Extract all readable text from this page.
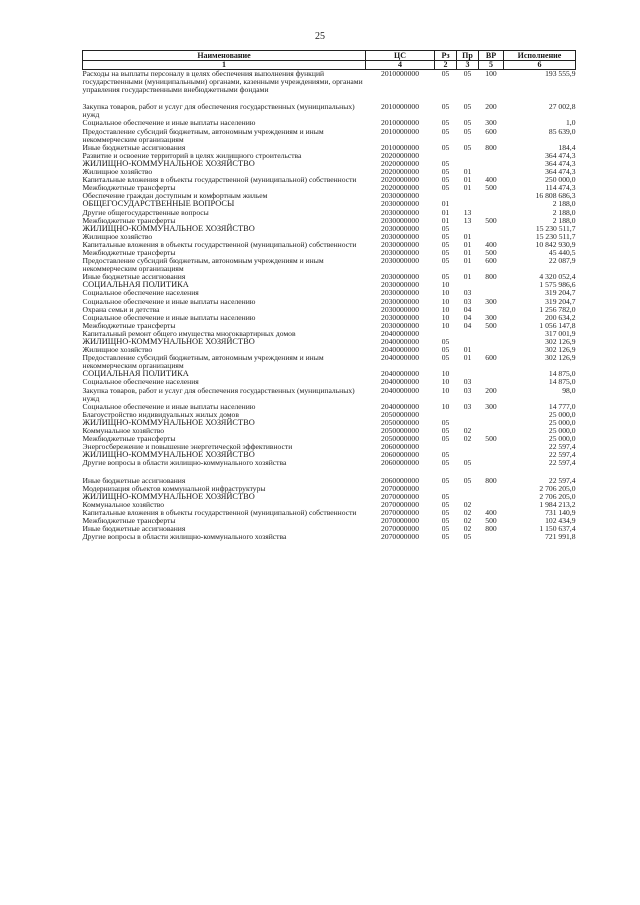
25
Наименование	ЦС	Рз	Пр	ВР	Исполнение
1	4	2	3	5	6
Расходы на выплаты персоналу в целях обеспечения выполнения функций государственными (муниципальными) органами, казенными учреждениями, органами управления государственными внебюджетными фондами	2010000000	05	05	100	193 555,9

Закупка товаров, работ и услуг для обеспечения государственных (муниципальных) нужд	2010000000	05	05	200	27 002,8
Социальное обеспечение и иные выплаты населению	2010000000	05	05	300	1,0
Предоставление субсидий бюджетным, автономным учреждениям и иным некоммерческим организациям	2010000000	05	05	600	85 639,0
Иные бюджетные ассигнования	2010000000	05	05	800	184,4
Развитие и освоение территорий в целях жилищного строительства	2020000000				364 474,3
ЖИЛИЩНО-КОММУНАЛЬНОЕ ХОЗЯЙСТВО	2020000000	05			364 474,3
Жилищное хозяйство	2020000000	05	01		364 474,3
Капитальные вложения в объекты государственной (муниципальной) собственности	2020000000	05	01	400	250 000,0
Межбюджетные трансферты	2020000000	05	01	500	114 474,3
Обеспечение граждан доступным и комфортным жильем	2030000000				16 808 686,3
ОБЩЕГОСУДАРСТВЕННЫЕ ВОПРОСЫ	2030000000	01			2 188,0
Другие общегосударственные вопросы	2030000000	01	13		2 188,0
Межбюджетные трансферты	2030000000	01	13	500	2 188,0
ЖИЛИЩНО-КОММУНАЛЬНОЕ ХОЗЯЙСТВО	2030000000	05			15 230 511,7
Жилищное хозяйство	2030000000	05	01		15 230 511,7
Капитальные вложения в объекты государственной (муниципальной) собственности	2030000000	05	01	400	10 842 930,9
Межбюджетные трансферты	2030000000	05	01	500	45 440,5
Предоставление субсидий бюджетным, автономным учреждениям и иным некоммерческим организациям	2030000000	05	01	600	22 087,9
Иные бюджетные ассигнования	2030000000	05	01	800	4 320 052,4
СОЦИАЛЬНАЯ ПОЛИТИКА	2030000000	10			1 575 986,6
Социальное обеспечение населения	2030000000	10	03		319 204,7
Социальное обеспечение и иные выплаты населению	2030000000	10	03	300	319 204,7
Охрана семьи и детства	2030000000	10	04		1 256 782,0
Социальное обеспечение и иные выплаты населению	2030000000	10	04	300	200 634,2
Межбюджетные трансферты	2030000000	10	04	500	1 056 147,8
Капитальный ремонт общего имущества многоквартирных домов	2040000000				317 001,9
ЖИЛИЩНО-КОММУНАЛЬНОЕ ХОЗЯЙСТВО	2040000000	05			302 126,9
Жилищное хозяйство	2040000000	05	01		302 126,9
Предоставление субсидий бюджетным, автономным учреждениям и иным некоммерческим организациям	2040000000	05	01	600	302 126,9
СОЦИАЛЬНАЯ ПОЛИТИКА	2040000000	10			14 875,0
Социальное обеспечение населения	2040000000	10	03		14 875,0
Закупка товаров, работ и услуг для обеспечения государственных (муниципальных) нужд	2040000000	10	03	200	98,0
Социальное обеспечение и иные выплаты населению	2040000000	10	03	300	14 777,0
Благоустройство индивидуальных жилых домов	2050000000				25 000,0
ЖИЛИЩНО-КОММУНАЛЬНОЕ ХОЗЯЙСТВО	2050000000	05			25 000,0
Коммунальное хозяйство	2050000000	05	02		25 000,0
Межбюджетные трансферты	2050000000	05	02	500	25 000,0
Энергосбережение и повышение энергетической эффективности	2060000000				22 597,4
ЖИЛИЩНО-КОММУНАЛЬНОЕ ХОЗЯЙСТВО	2060000000	05			22 597,4
Другие вопросы в области жилищно-коммунального хозяйства	2060000000	05	05		22 597,4

Иные бюджетные ассигнования	2060000000	05	05	800	22 597,4
Модернизация объектов коммунальной инфраструктуры	2070000000				2 706 205,0
ЖИЛИЩНО-КОММУНАЛЬНОЕ ХОЗЯЙСТВО	2070000000	05			2 706 205,0
Коммунальное хозяйство	2070000000	05	02		1 984 213,2
Капитальные вложения в объекты государственной (муниципальной) собственности	2070000000	05	02	400	731 140,9
Межбюджетные трансферты	2070000000	05	02	500	102 434,9
Иные бюджетные ассигнования	2070000000	05	02	800	1 150 637,4
Другие вопросы в области жилищно-коммунального хозяйства	2070000000	05	05		721 991,8
